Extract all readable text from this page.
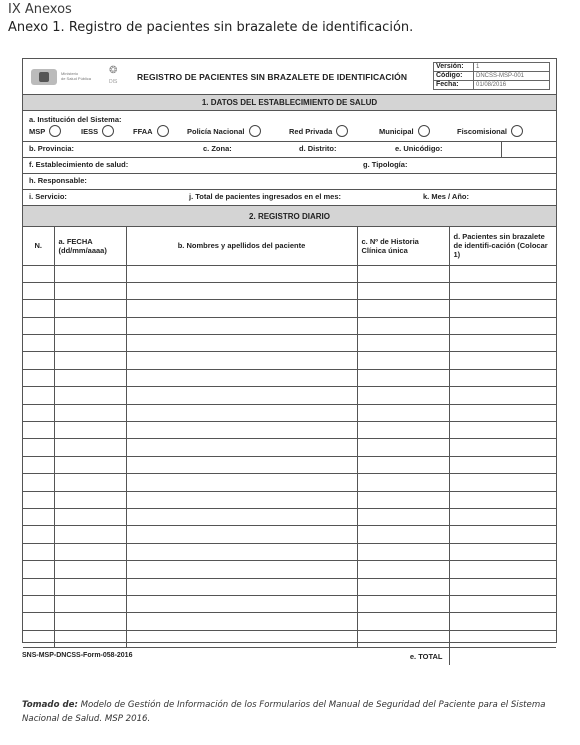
IX Anexos
Anexo 1. Registro de pacientes sin brazalete de identificación.
Ministerio
de Salud Pública
❂
DIS REGISTRO DE PACIENTES SIN BRAZALETE DE IDENTIFICACIÓN
Versión:	1
Código:	DNCSS-MSP-001
Fecha:	01/08/2016
1. DATOS DEL ESTABLECIMIENTO DE SALUD
a. Institución del Sistema:
MSP	IESS	FFAA	Policía Nacional	Red Privada	Municipal	Fiscomisional
b. Provincia:	c. Zona:	d. Distrito:	e. Unicódigo:
f. Establecimiento de salud:	g. Tipología:
h. Responsable:
i. Servicio:	j. Total de pacientes ingresados en el mes:	k. Mes / Año:
2. REGISTRO DIARIO
N.	a. FECHA (dd/mm/aaaa)	b. Nombres y apellidos del paciente	c. Nº de Historia Clínica única	d. Pacientes sin brazalete de identifi-cación (Colocar 1)

e. TOTAL				
SNS-MSP-DNCSS-Form-058-2016
Tomado de: Modelo de Gestión de Información de los Formularios del Manual de Seguridad del Paciente para el Sistema Nacional de Salud. MSP 2016.
